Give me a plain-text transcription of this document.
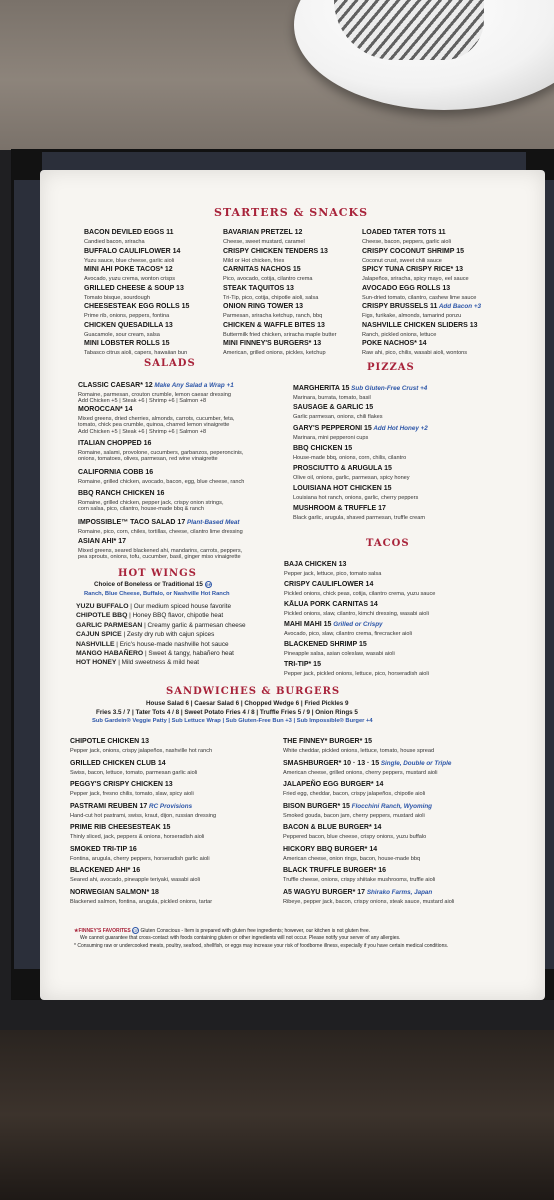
STARTERS & SNACKS
SALADS	PIZZAS
HOT WINGS
TACOS
SANDWICHES & BURGERS
Choice of Boneless or Traditional 15 GF
Ranch, Blue Cheese, Buffalo, or Nashville Hot Ranch
House Salad 6 | Caesar Salad 6 | Chopped Wedge 6 | Fried Pickles 9
Fries 3.5 / 7 | Tater Tots 4 / 8 | Sweet Potato Fries 4 / 8 | Truffle Fries 5 / 9 | Onion Rings 5
Sub Gardein® Veggie Patty | Sub Lettuce Wrap | Sub Gluten-Free Bun +3 | Sub Impossible® Burger +4
★FINNEY'S FAVORITES GF Gluten Conscious - Item is prepared with gluten free ingredients; however, our kitchen is not gluten free.
We cannot guarantee that cross-contact with foods containing gluten or other ingredients will not occur. Please notify your server of any allergies.
* Consuming raw or undercooked meats, poultry, seafood, shellfish, or eggs may increase your risk of foodborne illness, especially if you have certain medical conditions.
BACON DEVILED EGGS 11
Candied bacon, sriracha
BUFFALO CAULIFLOWER 14
Yuzu sauce, blue cheese, garlic aioli
MINI AHI POKE TACOS* 12
Avocado, yuzu crema, wonton crisps
GRILLED CHEESE & SOUP 13
Tomato bisque, sourdough
CHEESESTEAK EGG ROLLS 15
Prime rib, onions, peppers, fontina
CHICKEN QUESADILLA 13
Guacamole, sour cream, salsa
MINI LOBSTER ROLLS 15
Tabasco citrus aioli, capers, hawaiian bun
BAVARIAN PRETZEL 12
Cheese, sweet mustard, caramel
CRISPY CHICKEN TENDERS 13
Mild or Hot chicken, fries
CARNITAS NACHOS 15
Pico, avocado, cotija, cilantro crema
STEAK TAQUITOS 13
Tri-Tip, pico, cotija, chipotle aioli, salsa
ONION RING TOWER 13
Parmesan, sriracha ketchup, ranch, bbq
CHICKEN & WAFFLE BITES 13
Buttermilk fried chicken, sriracha maple butter
MINI FINNEY'S BURGERS* 13
American, grilled onions, pickles, ketchup
LOADED TATER TOTS 11
Cheese, bacon, peppers, garlic aioli
CRISPY COCONUT SHRIMP 15
Coconut crust, sweet chili sauce
SPICY TUNA CRISPY RICE* 13
Jalapeños, sriracha, spicy mayo, eel sauce
AVOCADO EGG ROLLS 13
Sun-dried tomato, cilantro, cashew lime sauce
CRISPY BRUSSELS 11 Add Bacon +3
Figs, furikake, almonds, tamarind ponzu
NASHVILLE CHICKEN SLIDERS 13
Ranch, pickled onions, lettuce
POKE NACHOS* 14
Raw ahi, pico, chilis, wasabi aioli, wontons
CLASSIC CAESAR* 12 Make Any Salad a Wrap +1
Romaine, parmesan, crouton crumble, lemon caesar dressing
Add Chicken +5 | Steak +6 | Shrimp +6 | Salmon +8
MOROCCAN* 14
Mixed greens, dried cherries, almonds, carrots, cucumber, feta,
tomato, chick pea crumble, quinoa, charred lemon vinaigrette
Add Chicken +5 | Steak +6 | Shrimp +6 | Salmon +8
ITALIAN CHOPPED 16
Romaine, salami, provolone, cucumbers, garbanzos, peperoncinis,
onions, tomatoes, olives, parmesan, red wine vinaigrette
CALIFORNIA COBB 16
Romaine, grilled chicken, avocado, bacon, egg, blue cheese, ranch
BBQ RANCH CHICKEN 16
Romaine, grilled chicken, pepper jack, crispy onion strings,
corn salsa, pico, cilantro, house-made bbq & ranch
IMPOSSIBLE™ TACO SALAD 17 Plant-Based Meat
Romaine, pico, corn, chiles, tortillas, cheese, cilantro lime dressing
ASIAN AHI* 17
Mixed greens, seared blackened ahi, mandarins, carrots, peppers,
pea sprouts, onions, tofu, cucumber, basil, ginger miso vinaigrette
MARGHERITA 15 Sub Gluten-Free Crust +4
Marinara, burrata, tomato, basil
SAUSAGE & GARLIC 15
Garlic parmesan, onions, chili flakes
GARY'S PEPPERONI 15 Add Hot Honey +2
Marinara, mini pepperoni cups
BBQ CHICKEN 15
House-made bbq, onions, corn, chilis, cilantro
PROSCIUTTO & ARUGULA 15
Olive oil, onions, garlic, parmesan, spicy honey
LOUISIANA HOT CHICKEN 15
Louisiana hot ranch, onions, garlic, cherry peppers
MUSHROOM & TRUFFLE 17
Black garlic, arugula, shaved parmesan, truffle cream
BAJA CHICKEN 13
Pepper jack, lettuce, pico, tomato salsa
CRISPY CAULIFLOWER 14
Pickled onions, chick peas, cotija, cilantro crema, yuzu sauce
KĀLUA PORK CARNITAS 14
Pickled onions, slaw, cilantro, kimchi dressing, wasabi aioli
MAHI MAHI 15 Grilled or Crispy
Avocado, pico, slaw, cilantro crema, firecracker aioli
BLACKENED SHRIMP 15
Pineapple salsa, asian coleslaw, wasabi aioli
TRI-TIP* 15
Pepper jack, pickled onions, lettuce, pico, horseradish aioli
YUZU BUFFALO | Our medium spiced house favorite
CHIPOTLE BBQ | Honey BBQ flavor, chipotle heat
GARLIC PARMESAN | Creamy garlic & parmesan cheese
CAJUN SPICE | Zesty dry rub with cajun spices
NASHVILLE | Eric's house-made nashville hot sauce
MANGO HABAÑERO | Sweet & tangy, habañero heat
HOT HONEY | Mild sweetness & mild heat
CHIPOTLE CHICKEN 13
Pepper jack, onions, crispy jalapeños, nashville hot ranch
GRILLED CHICKEN CLUB 14
Swiss, bacon, lettuce, tomato, parmesan garlic aioli
PEGGY'S CRISPY CHICKEN 13
Pepper jack, fresno chilis, tomato, slaw, spicy aioli
PASTRAMI REUBEN 17 RC Provisions
Hand-cut hot pastrami, swiss, kraut, dijon, russian dressing
PRIME RIB CHEESESTEAK 15
Thinly sliced, jack, peppers & onions, horseradish aioli
SMOKED TRI-TIP 16
Fontina, arugula, cherry peppers, horseradish garlic aioli
BLACKENED AHI* 16
Seared ahi, avocado, pineapple teriyaki, wasabi aioli
NORWEGIAN SALMON* 18
Blackened salmon, fontina, arugula, pickled onions, tartar
THE FINNEY* BURGER* 15
White cheddar, pickled onions, lettuce, tomato, house spread
SMASHBURGER* 10 · 13 · 15 Single, Double or Triple
American cheese, grilled onions, cherry peppers, mustard aioli
JALAPEÑO EGG BURGER* 14
Fried egg, cheddar, bacon, crispy jalapeños, chipotle aioli
BISON BURGER* 15 Flocchini Ranch, Wyoming
Smoked gouda, bacon jam, cherry peppers, mustard aioli
BACON & BLUE BURGER* 14
Peppered bacon, blue cheese, crispy onions, yuzu buffalo
HICKORY BBQ BURGER* 14
American cheese, onion rings, bacon, house-made bbq
BLACK TRUFFLE BURGER* 16
Truffle cheese, onions, crispy shiitake mushrooms, truffle aioli
A5 WAGYU BURGER* 17 Shirako Farms, Japan
Ribeye, pepper jack, bacon, crispy onions, steak sauce, mustard aioli
